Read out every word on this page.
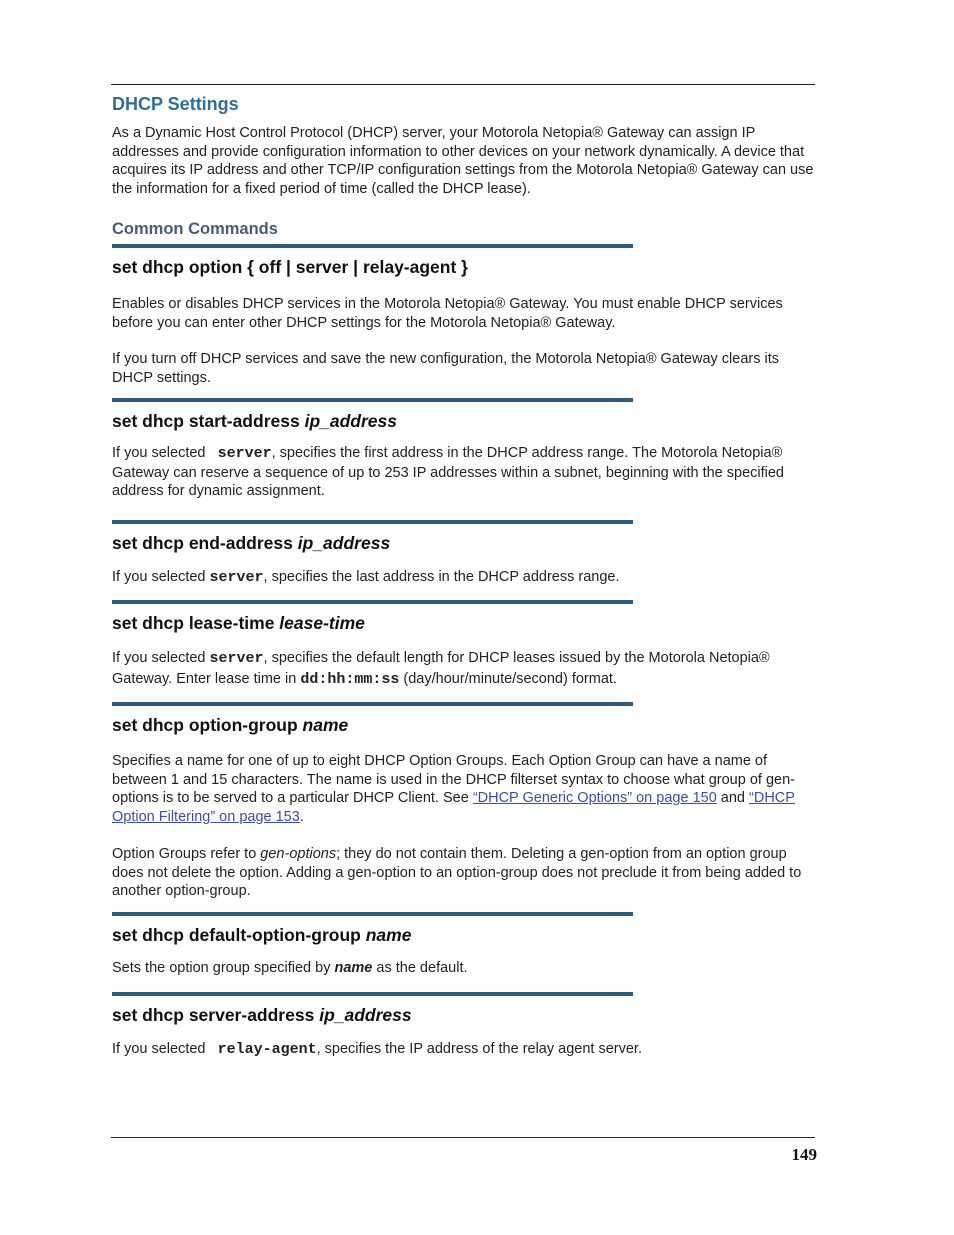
DHCP Settings

As a Dynamic Host Control Protocol (DHCP) server, your Motorola Netopia® Gateway can assign IP addresses and provide configuration information to other devices on your network dynamically. A device that acquires its IP address and other TCP/IP configuration settings from the Motorola Netopia® Gateway can use the information for a fixed period of time (called the DHCP lease).

Common Commands
set dhcp option { off | server | relay-agent }

Enables or disables DHCP services in the Motorola Netopia® Gateway. You must enable DHCP services before you can enter other DHCP settings for the Motorola Netopia® Gateway.

If you turn off DHCP services and save the new configuration, the Motorola Netopia® Gateway clears its DHCP settings.

set dhcp start-address ip_address

If you selected server, specifies the first address in the DHCP address range. The Motorola Netopia® Gateway can reserve a sequence of up to 253 IP addresses within a subnet, beginning with the specified address for dynamic assignment.

set dhcp end-address ip_address

If you selected server, specifies the last address in the DHCP address range.

set dhcp lease-time lease-time

If you selected server, specifies the default length for DHCP leases issued by the Motorola Netopia® Gateway. Enter lease time in dd:hh:mm:ss (day/hour/minute/second) format.

set dhcp option-group name

Specifies a name for one of up to eight DHCP Option Groups. Each Option Group can have a name of between 1 and 15 characters. The name is used in the DHCP filterset syntax to choose what group of gen-options is to be served to a particular DHCP Client. See “DHCP Generic Options” on page 150 and “DHCP Option Filtering” on page 153.

Option Groups refer to gen-options; they do not contain them. Deleting a gen-option from an option group does not delete the option. Adding a gen-option to an option-group does not preclude it from being added to another option-group.

set dhcp default-option-group name

Sets the option group specified by name as the default.

set dhcp server-address ip_address

If you selected relay-agent, specifies the IP address of the relay agent server.

149
